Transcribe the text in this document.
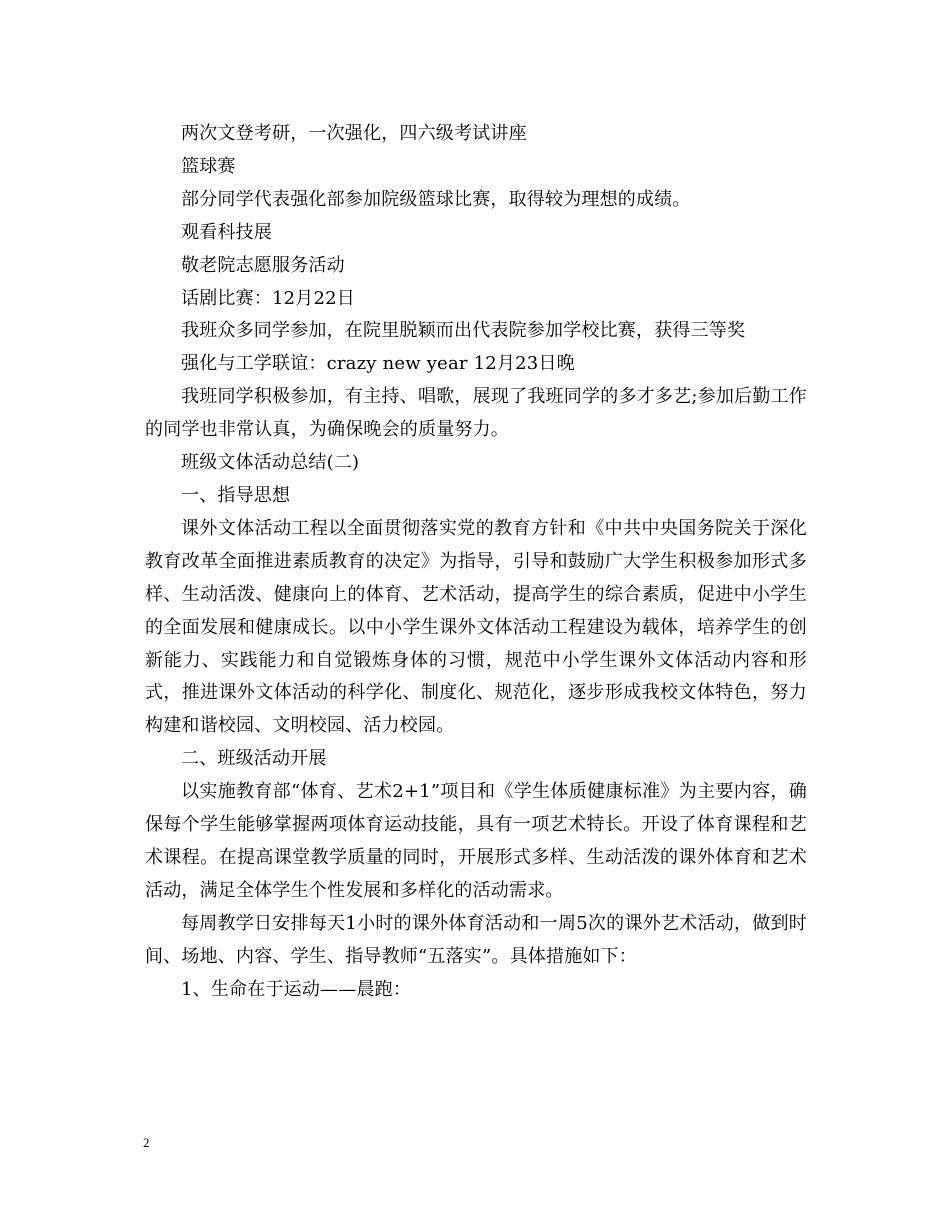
两次文登考研，一次强化，四六级考试讲座

篮球赛

部分同学代表强化部参加院级篮球比赛，取得较为理想的成绩。

观看科技展

敬老院志愿服务活动

话剧比赛：12月22日

我班众多同学参加，在院里脱颖而出代表院参加学校比赛，获得三等奖

强化与工学联谊：crazy new year 12月23日晚

我班同学积极参加，有主持、唱歌，展现了我班同学的多才多艺;参加后勤工作的同学也非常认真，为确保晚会的质量努力。

班级文体活动总结(二)

一、指导思想

课外文体活动工程以全面贯彻落实党的教育方针和《中共中央国务院关于深化教育改革全面推进素质教育的决定》为指导，引导和鼓励广大学生积极参加形式多样、生动活泼、健康向上的体育、艺术活动，提高学生的综合素质，促进中小学生的全面发展和健康成长。以中小学生课外文体活动工程建设为载体，培养学生的创新能力、实践能力和自觉锻炼身体的习惯，规范中小学生课外文体活动内容和形式，推进课外文体活动的科学化、制度化、规范化，逐步形成我校文体特色，努力构建和谐校园、文明校园、活力校园。

二、班级活动开展

以实施教育部“体育、艺术2+1”项目和《学生体质健康标准》为主要内容，确保每个学生能够掌握两项体育运动技能，具有一项艺术特长。开设了体育课程和艺术课程。在提高课堂教学质量的同时，开展形式多样、生动活泼的课外体育和艺术活动，满足全体学生个性发展和多样化的活动需求。

每周教学日安排每天1小时的课外体育活动和一周5次的课外艺术活动，做到时间、场地、内容、学生、指导教师“五落实”。具体措施如下：

1、生命在于运动——晨跑：

2
